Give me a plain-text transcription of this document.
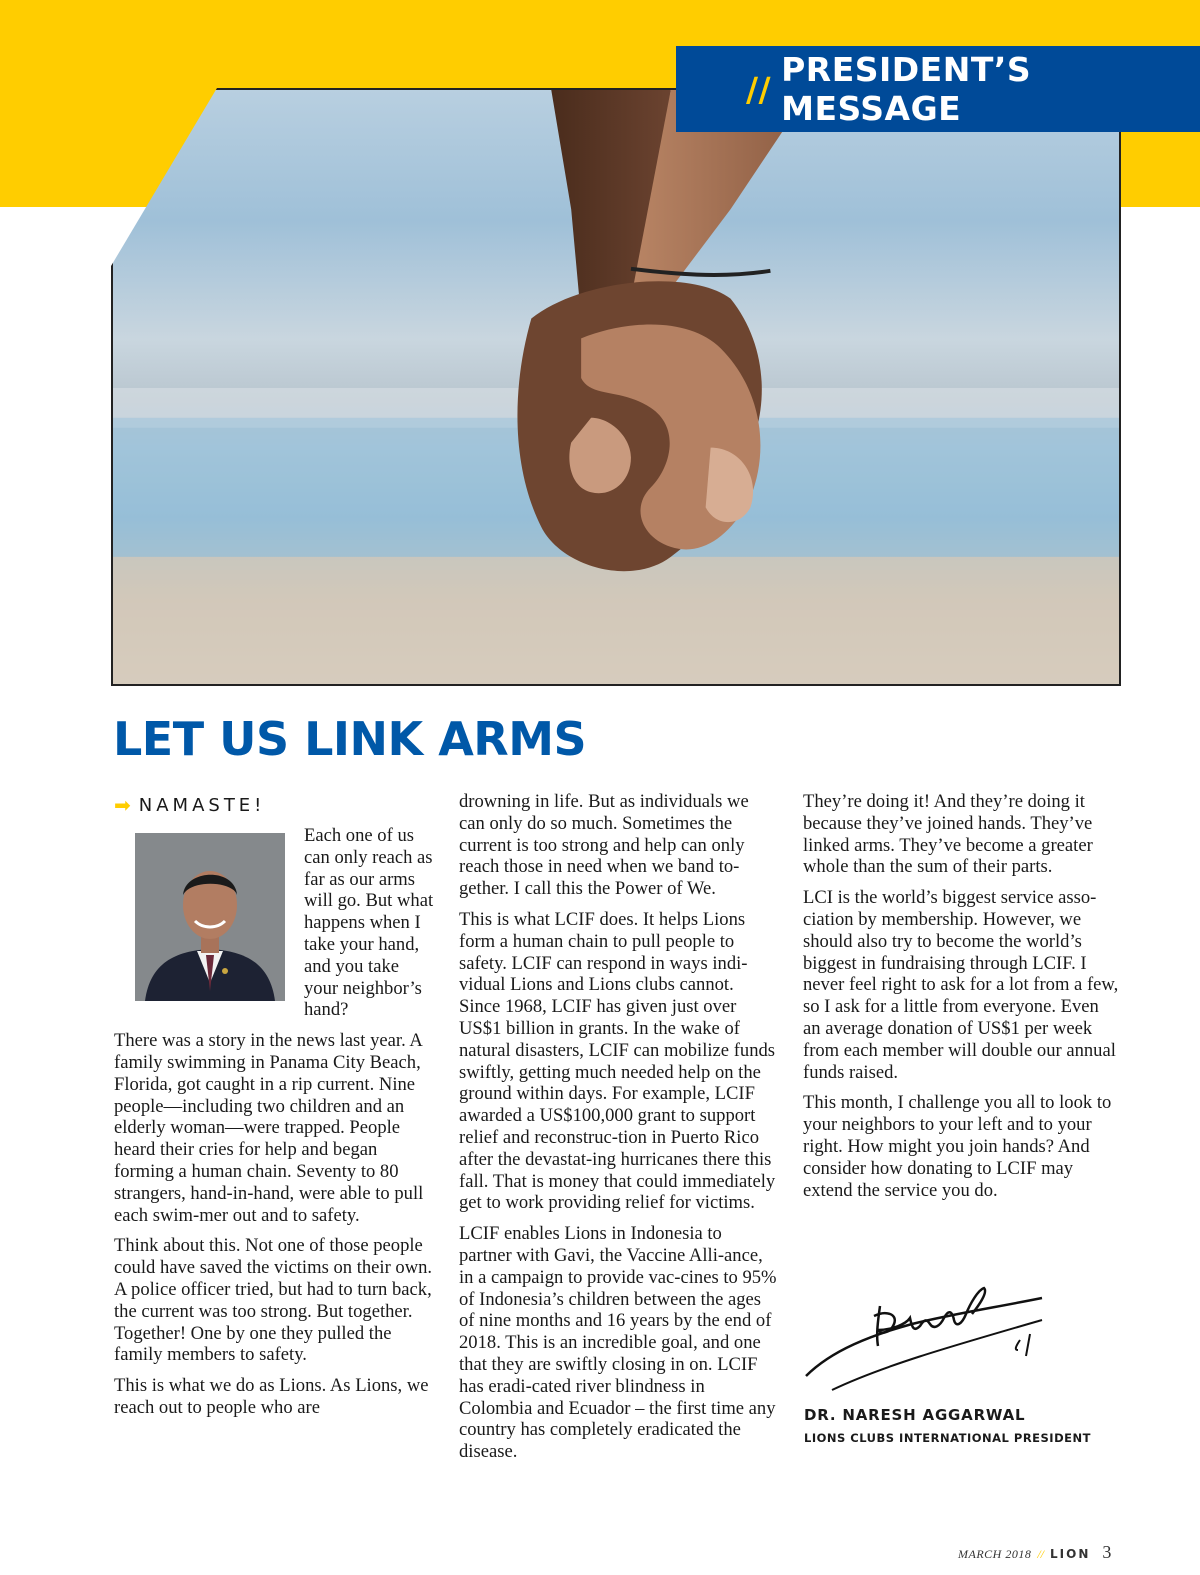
// PRESIDENT’S MESSAGE
LET US LINK ARMS
➡ NAMASTE!

Each one of us can only reach as far as our arms will go. But what happens when I take your hand, and you take your neighbor’s hand?

There was a story in the news last year. A family swimming in Panama City Beach, Florida, got caught in a rip current. Nine people—including two children and an elderly woman—were trapped. People heard their cries for help and began forming a human chain. Seventy to 80 strangers, hand-in-hand, were able to pull each swim-mer out and to safety.

Think about this. Not one of those people could have saved the victims on their own. A police officer tried, but had to turn back, the current was too strong. But together. Together! One by one they pulled the family members to safety.

This is what we do as Lions. As Lions, we reach out to people who are

drowning in life. But as individuals we can only do so much. Sometimes the current is too strong and help can only reach those in need when we band to-gether. I call this the Power of We.

This is what LCIF does. It helps Lions form a human chain to pull people to safety. LCIF can respond in ways indi-vidual Lions and Lions clubs cannot. Since 1968, LCIF has given just over US$1 billion in grants. In the wake of natural disasters, LCIF can mobilize funds swiftly, getting much needed help on the ground within days. For example, LCIF awarded a US$100,000 grant to support relief and reconstruc-tion in Puerto Rico after the devastat-ing hurricanes there this fall. That is money that could immediately get to work providing relief for victims.

LCIF enables Lions in Indonesia to partner with Gavi, the Vaccine Alli-ance, in a campaign to provide vac-cines to 95% of Indonesia’s children between the ages of nine months and 16 years by the end of 2018. This is an incredible goal, and one that they are swiftly closing in on. LCIF has eradi-cated river blindness in Colombia and Ecuador – the first time any country has completely eradicated the disease.

They’re doing it! And they’re doing it because they’ve joined hands. They’ve linked arms. They’ve become a greater whole than the sum of their parts.

LCI is the world’s biggest service asso-ciation by membership. However, we should also try to become the world’s biggest in fundraising through LCIF. I never feel right to ask for a lot from a few, so I ask for a little from everyone. Even an average donation of US$1 per week from each member will double our annual funds raised.

This month, I challenge you all to look to your neighbors to your left and to your right. How might you join hands? And consider how donating to LCIF may extend the service you do.

DR. NARESH AGGARWAL
LIONS CLUBS INTERNATIONAL PRESIDENT
MARCH 2018 // LION 3
